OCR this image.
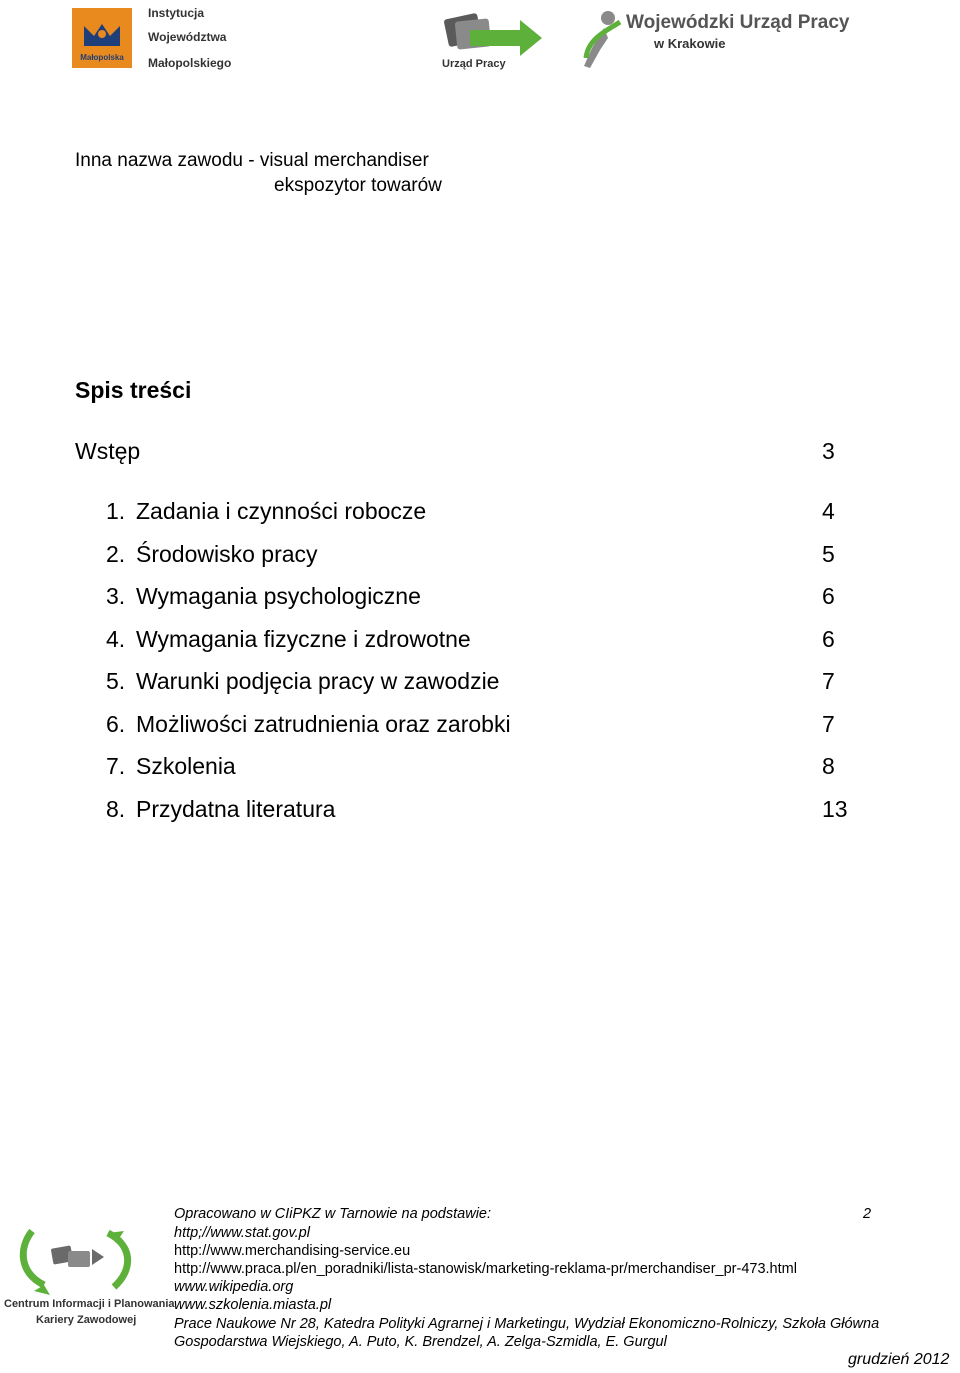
Małopolska
Instytucja
Województwa
Małopolskiego	Urząd Pracy
Wojewódzki Urząd Pracy
w Krakowie
Inna nazwa zawodu - visual merchandiser
ekspozytor towarów
Spis treści
Wstęp	3
1. Zadania i czynności robocze	4
2. Środowisko pracy	5
3. Wymagania psychologiczne	6
4. Wymagania fizyczne i zdrowotne	6
5. Warunki podjęcia pracy w zawodzie	7
6. Możliwości zatrudnienia oraz zarobki	7
7. Szkolenia	8
8. Przydatna literatura	13
Centrum Informacji i Planowania
Kariery Zawodowej
2
Opracowano w CIiPKZ w Tarnowie na podstawie:
http;//www.stat.gov.pl
http://www.merchandising-service.eu
http://www.praca.pl/en_poradniki/lista-stanowisk/marketing-reklama-pr/merchandiser_pr-473.html
www.wikipedia.org
www.szkolenia.miasta.pl
Prace Naukowe Nr 28, Katedra Polityki Agrarnej i Marketingu, Wydział Ekonomiczno-Rolniczy, Szkoła Główna
Gospodarstwa Wiejskiego, A. Puto, K. Brendzel, A. Zelga-Szmidla, E. Gurgul
grudzień 2012
